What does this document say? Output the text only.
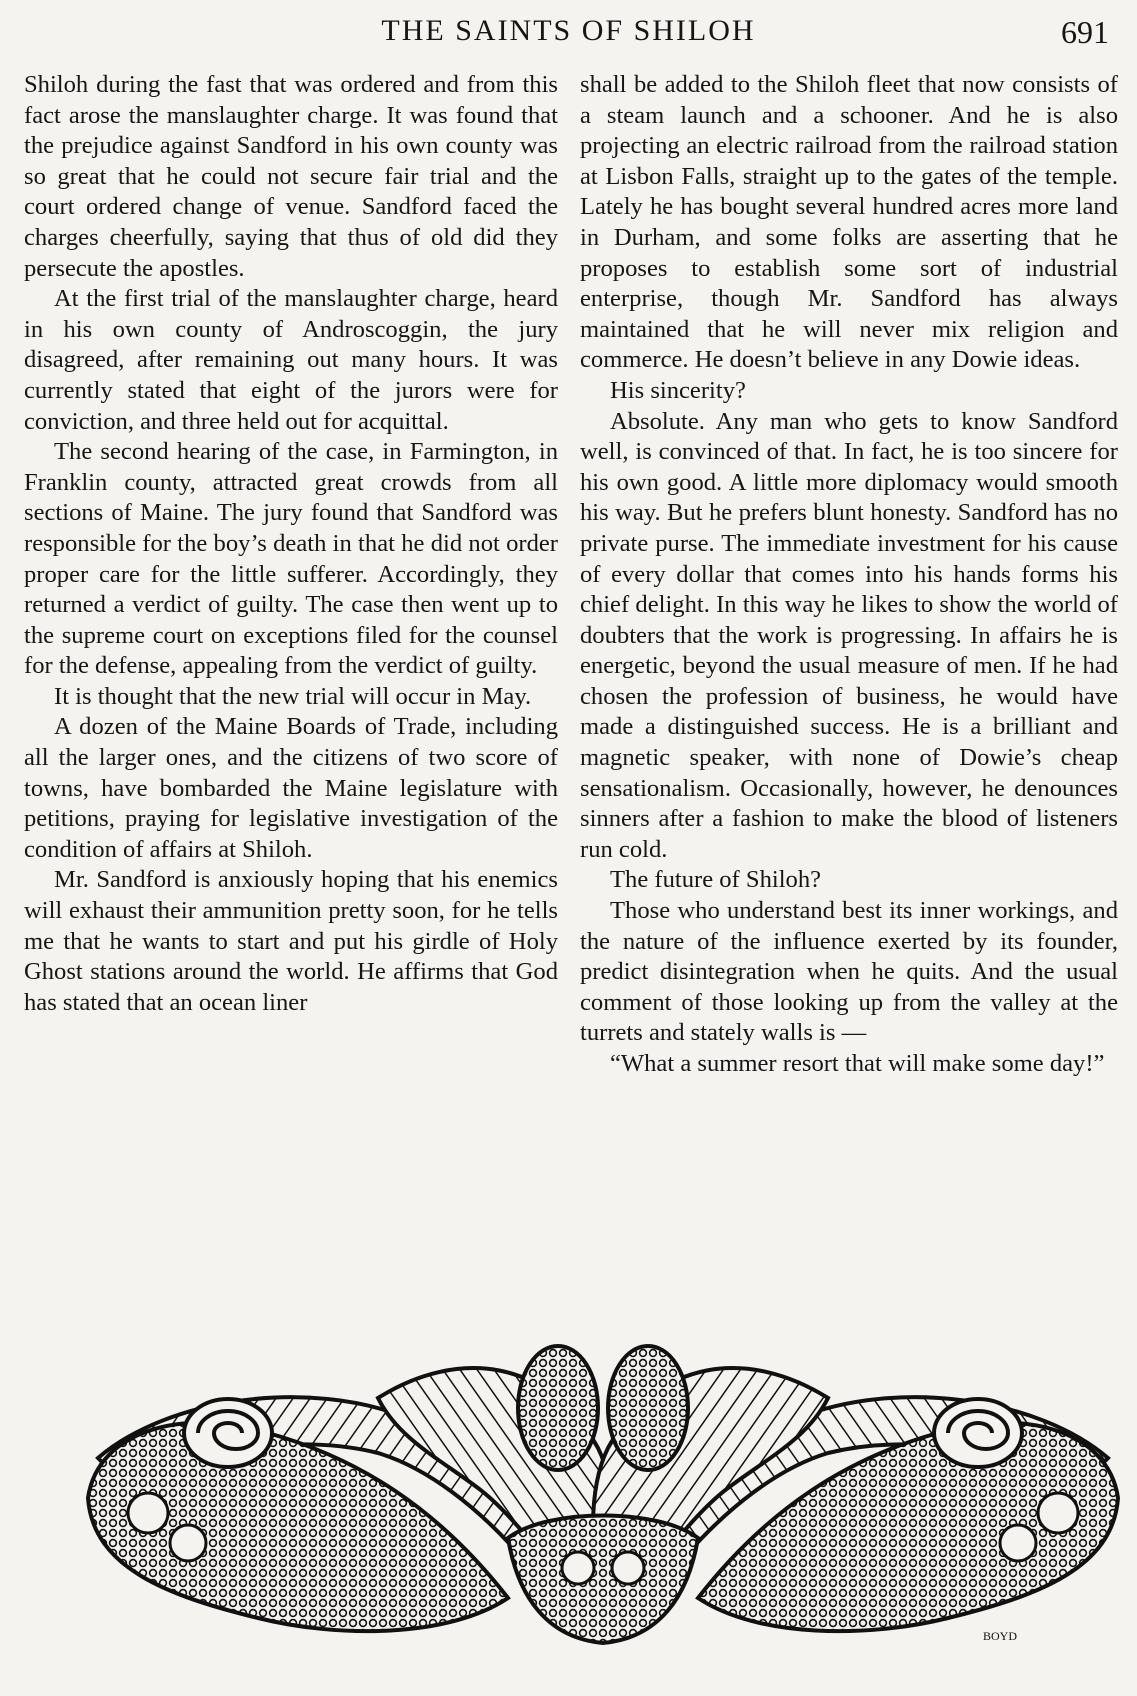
THE SAINTS OF SHILOH	691

Shiloh during the fast that was ordered and from this fact arose the manslaughter charge. It was found that the prejudice against Sandford in his own county was so great that he could not secure fair trial and the court ordered change of venue. Sandford faced the charges cheerfully, saying that thus of old did they persecute the apostles.

At the first trial of the manslaughter charge, heard in his own county of Androscoggin, the jury disagreed, after remaining out many hours. It was currently stated that eight of the jurors were for conviction, and three held out for acquittal.

The second hearing of the case, in Farmington, in Franklin county, attracted great crowds from all sections of Maine. The jury found that Sandford was responsible for the boy’s death in that he did not order proper care for the little sufferer. Accordingly, they returned a verdict of guilty. The case then went up to the supreme court on exceptions filed for the counsel for the defense, appealing from the verdict of guilty.

It is thought that the new trial will occur in May.

A dozen of the Maine Boards of Trade, including all the larger ones, and the citizens of two score of towns, have bombarded the Maine legislature with petitions, praying for legislative investigation of the condition of affairs at Shiloh.

Mr. Sandford is anxiously hoping that his enemics will exhaust their ammunition pretty soon, for he tells me that he wants to start and put his girdle of Holy Ghost stations around the world. He affirms that God has stated that an ocean liner

shall be added to the Shiloh fleet that now consists of a steam launch and a schooner. And he is also projecting an electric railroad from the railroad station at Lisbon Falls, straight up to the gates of the temple. Lately he has bought several hundred acres more land in Durham, and some folks are asserting that he proposes to establish some sort of industrial enterprise, though Mr. Sandford has always maintained that he will never mix religion and commerce. He doesn’t believe in any Dowie ideas.

His sincerity?

Absolute. Any man who gets to know Sandford well, is convinced of that. In fact, he is too sincere for his own good. A little more diplomacy would smooth his way. But he prefers blunt honesty. Sandford has no private purse. The immediate investment for his cause of every dollar that comes into his hands forms his chief delight. In this way he likes to show the world of doubters that the work is progressing. In affairs he is energetic, beyond the usual measure of men. If he had chosen the profession of business, he would have made a distinguished success. He is a brilliant and magnetic speaker, with none of Dowie’s cheap sensationalism. Occasionally, however, he denounces sinners after a fashion to make the blood of listeners run cold.

The future of Shiloh?

Those who understand best its inner workings, and the nature of the influence exerted by its founder, predict disintegration when he quits. And the usual comment of those looking up from the valley at the turrets and stately walls is —

“What a summer resort that will make some day!”

BOYD
